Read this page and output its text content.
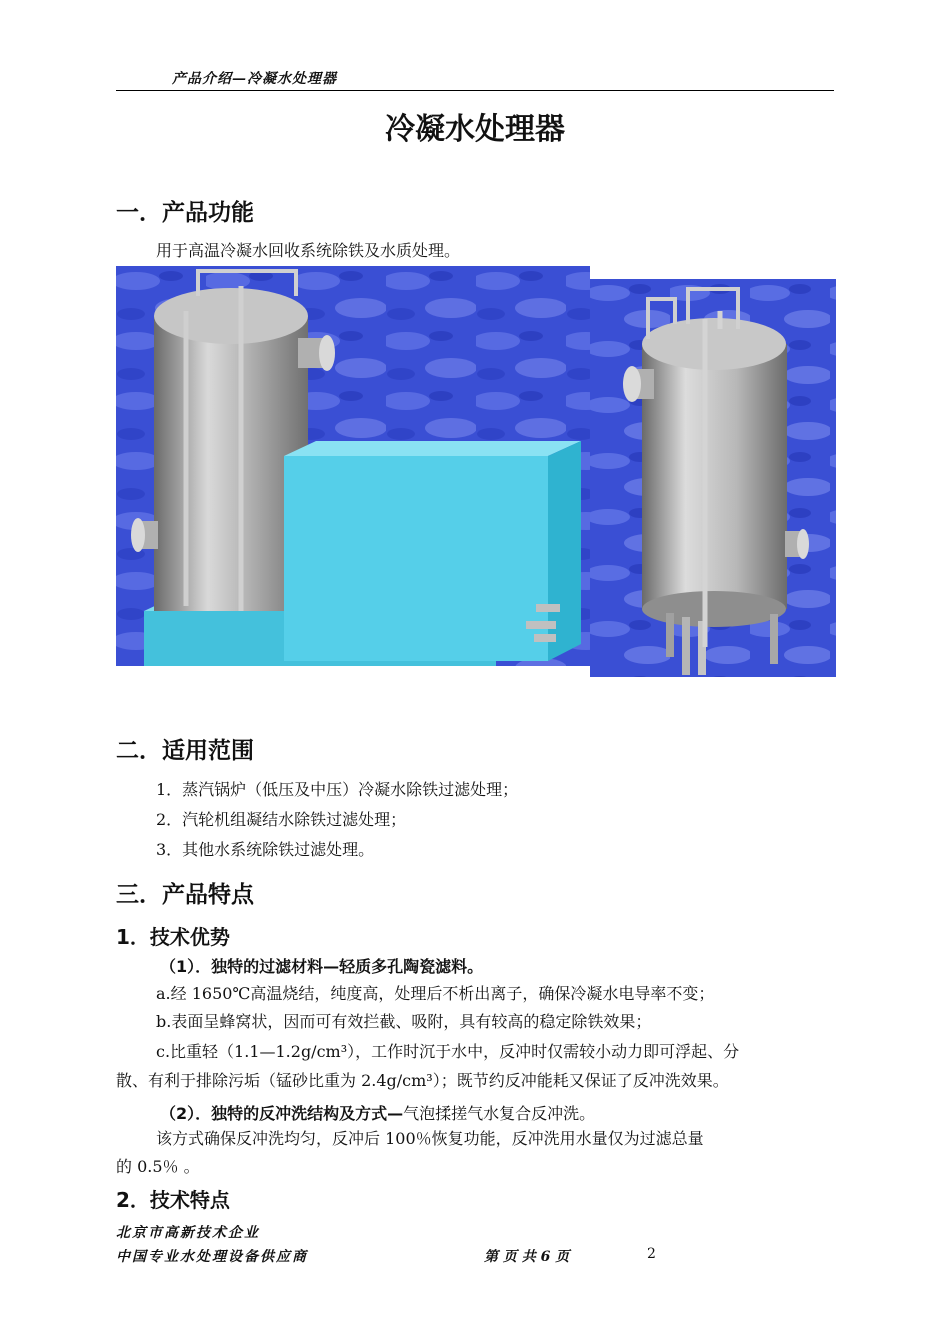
产品介绍—冷凝水处理器
冷凝水处理器
一．产品功能
用于高温冷凝水回收系统除铁及水质处理。
二．适用范围
1．蒸汽锅炉（低压及中压）冷凝水除铁过滤处理；
2．汽轮机组凝结水除铁过滤处理；
3．其他水系统除铁过滤处理。
三．产品特点
1．技术优势
（1）．独特的过滤材料—轻质多孔陶瓷滤料。
a.经 1650℃高温烧结，纯度高，处理后不析出离子，确保冷凝水电导率不变；
b.表面呈蜂窝状，因而可有效拦截、吸附，具有较高的稳定除铁效果；
c.比重轻（1.1—1.2g/cm³），工作时沉于水中，反冲时仅需较小动力即可浮起、分
散、有利于排除污垢（锰砂比重为 2.4g/cm³）；既节约反冲能耗又保证了反冲洗效果。
（2）．独特的反冲洗结构及方式—气泡揉搓气水复合反冲洗。
该方式确保反冲洗均匀，反冲后 100％恢复功能，反冲洗用水量仅为过滤总量
的 0.5％ 。
2．技术特点
北京市高新技术企业
中国专业水处理设备供应商	第 页 共 6 页	2
